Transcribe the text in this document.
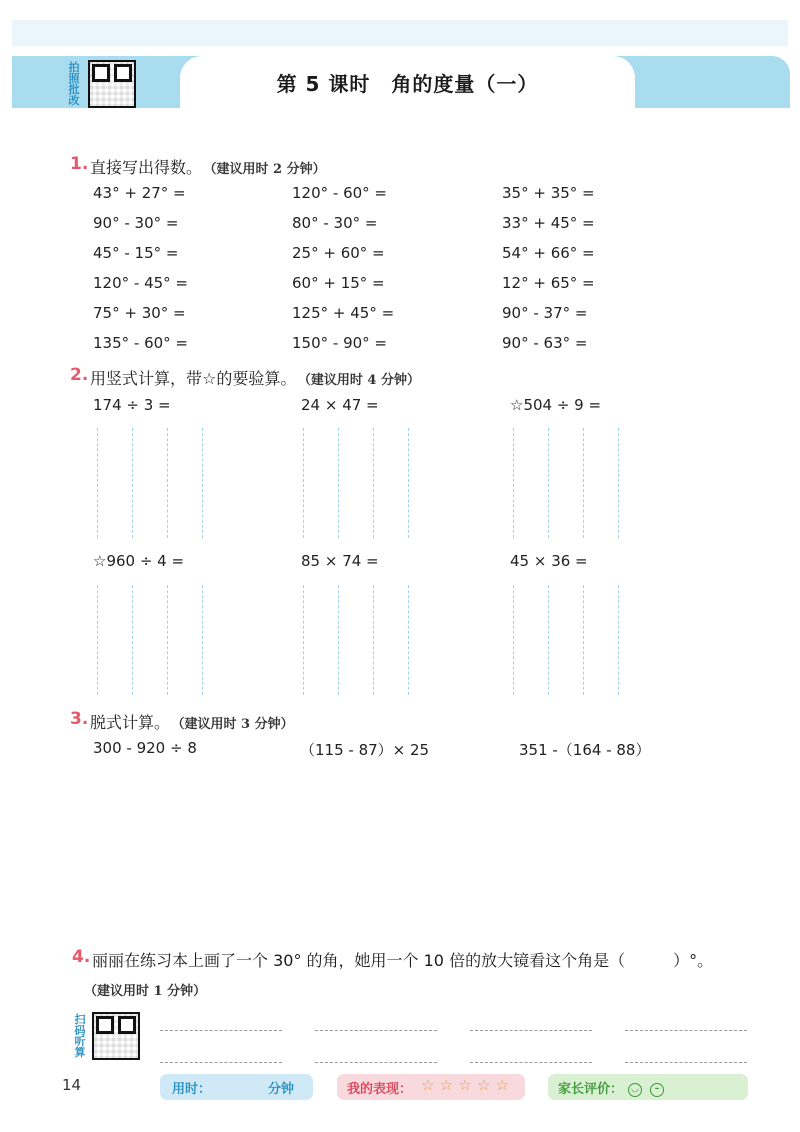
第 5 课时　角的度量（一）
拍
照
批
改
1. 直接写出得数。 （建议用时 2 分钟）
43° + 27° =	120° - 60° =	35° + 35° =
90° - 30° =	80° - 30° =	33° + 45° =
45° - 15° =	25° + 60° =	54° + 66° =
120° - 45° =	60° + 15° =	12° + 65° =
75° + 30° =	125° + 45° =	90° - 37° =
135° - 60° =	150° - 90° =	90° - 63° =
2. 用竖式计算，带☆的要验算。 （建议用时 4 分钟）
174 ÷ 3 =	24 × 47 =	☆504 ÷ 9 =
☆960 ÷ 4 =	85 × 74 =	45 × 36 =
3. 脱式计算。 （建议用时 3 分钟）
300 - 920 ÷ 8	（115 - 87）× 25	351 -（164 - 88）
4. 丽丽在练习本上画了一个 30° 的角，她用一个 10 倍的放大镜看这个角是（　　　）°。
（建议用时 1 分钟）
扫
码
听
算
14	用时：	分钟	我的表现： ☆ ☆ ☆ ☆ ☆	家长评价： ◡	–
